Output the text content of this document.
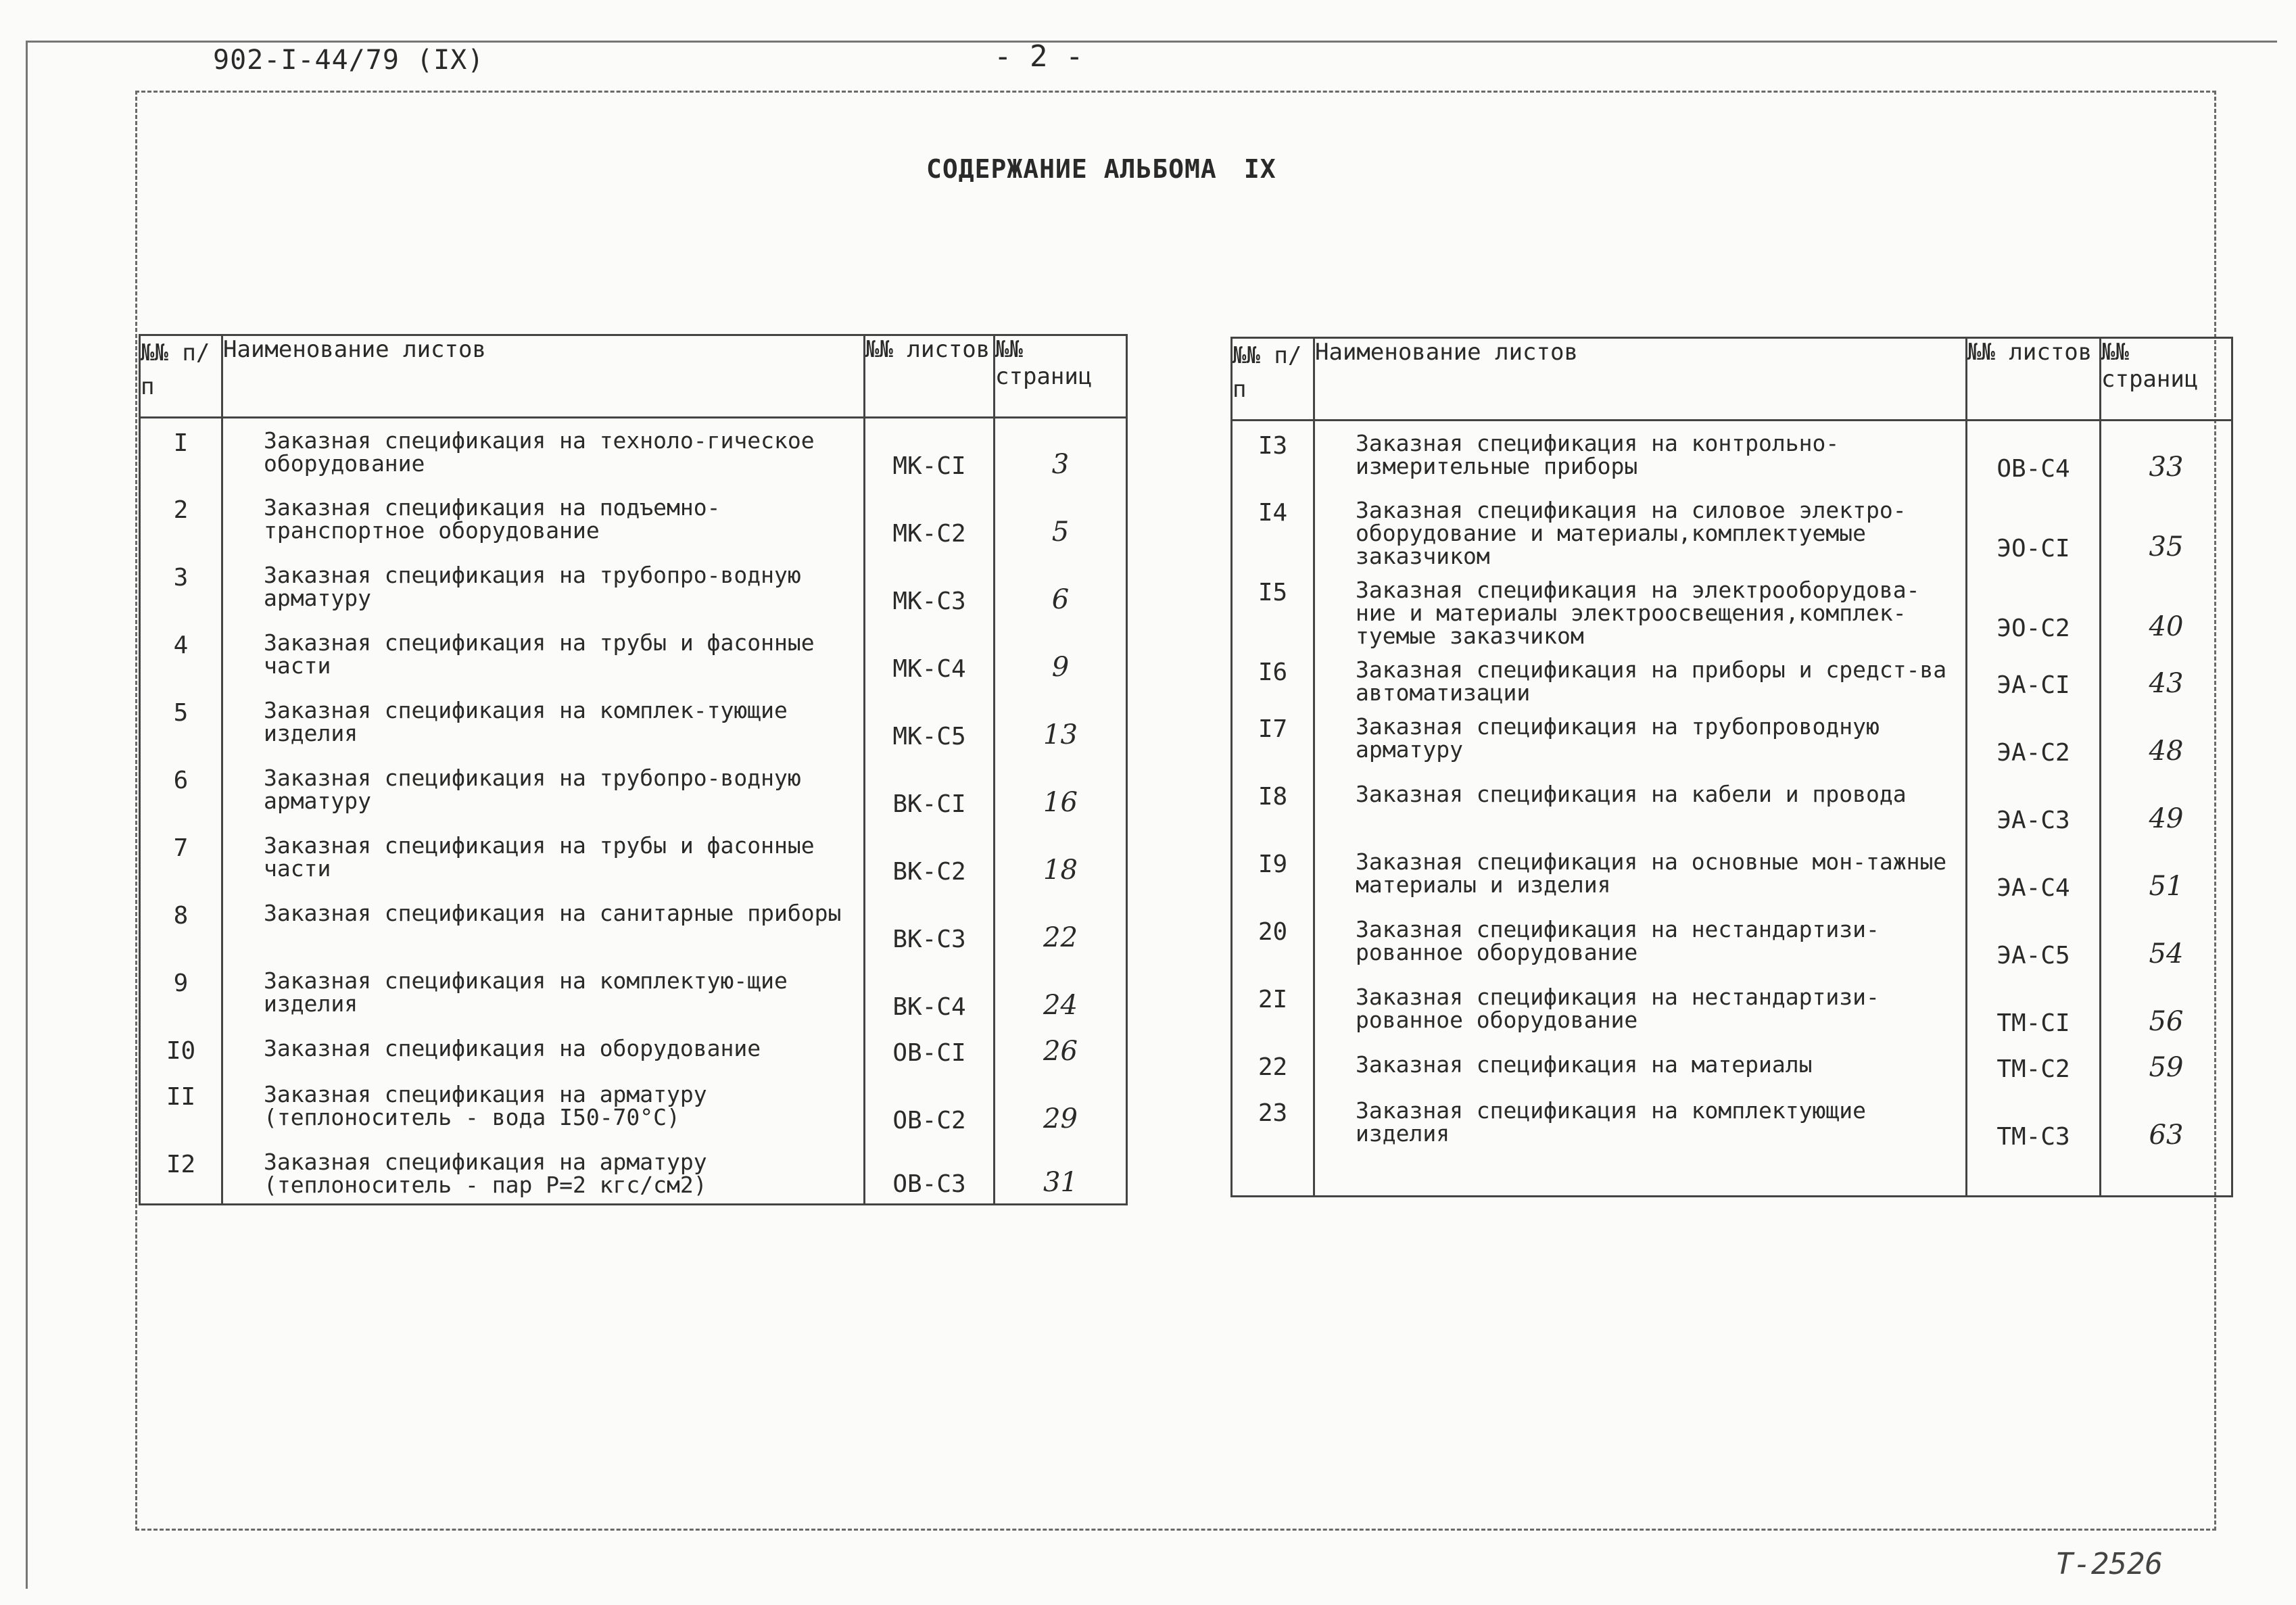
902-I-44/79 (IX)	- 2 -
СОДЕРЖАНИЕ АЛЬБОМА IX
№№ п/п	Наименование листов	№№ листов	№№ страниц
I	Заказная спецификация на техноло-гическое оборудование	МК-СI	3
2	Заказная спецификация на подъемно-транспортное оборудование	МК-С2	5
3	Заказная спецификация на трубопро-водную арматуру	МК-С3	6
4	Заказная спецификация на трубы и фасонные части	МК-С4	9
5	Заказная спецификация на комплек-тующие изделия	МК-С5	13
6	Заказная спецификация на трубопро-водную арматуру	ВК-СI	16
7	Заказная спецификация на трубы и фасонные части	ВК-С2	18
8	Заказная спецификация на санитарные приборы	ВК-С3	22
9	Заказная спецификация на комплектую-щие изделия	ВК-С4	24
I0	Заказная спецификация на оборудование	ОВ-СI	26
II	Заказная спецификация на арматуру (теплоноситель - вода I50-70°C)	ОВ-С2	29
I2	Заказная спецификация на арматуру (теплоноситель - пар Р=2 кгс/см2)	ОВ-С3	31
№№ п/п	Наименование листов	№№ листов	№№ страниц
I3	Заказная спецификация на контрольно-измерительные приборы	ОВ-С4	33
I4	Заказная спецификация на силовое электро-оборудование и материалы,комплектуемые заказчиком	ЭО-СI	35
I5	Заказная спецификация на электрооборудова-ние и материалы электроосвещения,комплек-туемые заказчиком	ЭО-С2	40
I6	Заказная спецификация на приборы и средст-ва автоматизации	ЭА-СI	43
I7	Заказная спецификация на трубопроводную арматуру	ЭА-С2	48
I8	Заказная спецификация на кабели и провода	ЭА-С3	49
I9	Заказная спецификация на основные мон-тажные материалы и изделия	ЭА-С4	51
20	Заказная спецификация на нестандартизи-рованное оборудование	ЭА-С5	54
2I	Заказная спецификация на нестандартизи-рованное оборудование	ТМ-СI	56
22	Заказная спецификация на материалы	ТМ-С2	59
23	Заказная спецификация на комплектующие изделия	ТМ-С3	63

Т-2526
